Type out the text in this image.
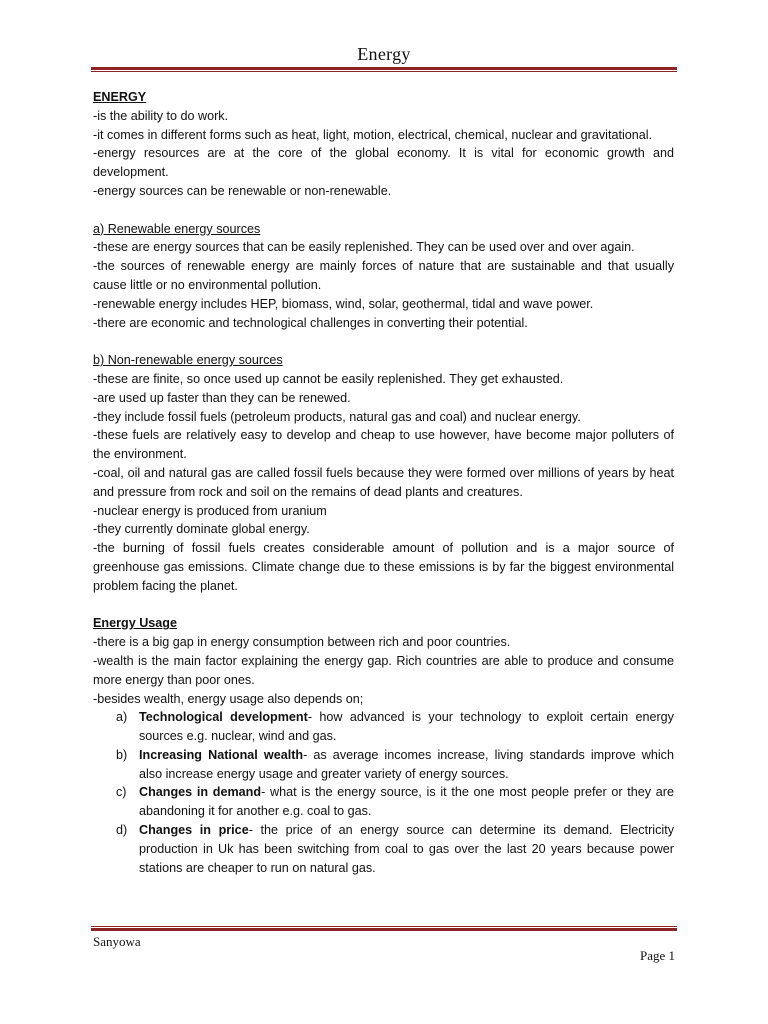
Energy

ENERGY

-is the ability to do work.

-it comes in different forms such as heat, light, motion, electrical, chemical, nuclear and gravitational.

-energy resources are at the core of the global economy. It is vital for economic growth and development.

-energy sources can be renewable or non-renewable.

a) Renewable energy sources

-these are energy sources that can be easily replenished. They can be used over and over again.

-the sources of renewable energy are mainly forces of nature that are sustainable and that usually cause little or no environmental pollution.

-renewable energy includes HEP, biomass, wind, solar, geothermal, tidal and wave power.

-there are economic and technological challenges in converting their potential.

b) Non-renewable energy sources

-these are finite, so once used up cannot be easily replenished. They get exhausted.

-are used up faster than they can be renewed.

-they include fossil fuels (petroleum products, natural gas and coal) and nuclear energy.

-these fuels are relatively easy to develop and cheap to use however, have become major polluters of the environment.

-coal, oil and natural gas are called fossil fuels because they were formed over millions of years by heat and pressure from rock and soil on the remains of dead plants and creatures.

-nuclear energy is produced from uranium

-they currently dominate global energy.

-the burning of fossil fuels creates considerable amount of pollution and is a major source of greenhouse gas emissions. Climate change due to these emissions is by far the biggest environmental problem facing the planet.

Energy Usage

-there is a big gap in energy consumption between rich and poor countries.

-wealth is the main factor explaining the energy gap. Rich countries are able to produce and consume more energy than poor ones.

-besides wealth, energy usage also depends on;

a) Technological development- how advanced is your technology to exploit certain energy sources e.g. nuclear, wind and gas.
b) Increasing National wealth- as average incomes increase, living standards improve which also increase energy usage and greater variety of energy sources.
c) Changes in demand- what is the energy source, is it the one most people prefer or they are abandoning it for another e.g. coal to gas.
d) Changes in price- the price of an energy source can determine its demand. Electricity production in Uk has been switching from coal to gas over the last 20 years because power stations are cheaper to run on natural gas.
Sanyowa
Page 1
